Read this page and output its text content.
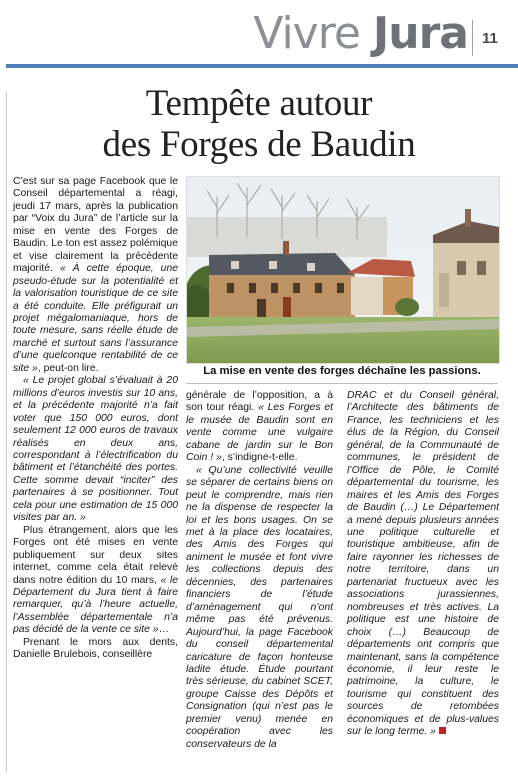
Vivre Jura 11
Tempête autour
des Forges de Baudin
La mise en vente des forges déchaîne les passions.

C’est sur sa page Facebook que le Conseil départemental a réagi, jeudi 17 mars, après la publication par “Voix du Jura” de l’article sur la mise en vente des Forges de Baudin. Le ton est assez polémique et vise clairement la précédente majorité. « À cette époque, une pseudo-étude sur la potentialité et la valorisation touristique de ce site a été conduite. Elle préfigurait un projet mégalomaniaque, hors de toute mesure, sans réelle étude de marché et surtout sans l’assurance d’une quelconque rentabilité de ce site », peut-on lire.

« Le projet global s’évaluait à 20 millions d’euros investis sur 10 ans, et la précédente majorité n’a fait voter que 150 000 euros, dont seulement 12 000 euros de travaux réalisés en deux ans, correspondant à l’électrification du bâtiment et l’étanchéité des portes. Cette somme devait “inciter” des partenaires à se positionner. Tout cela pour une estimation de 15 000 visites par an. »

Plus étrangement, alors que les Forges ont été mises en vente publiquement sur deux sites internet, comme cela était relevé dans notre édition du 10 mars, « le Département du Jura tient à faire remarquer, qu’à l’heure actuelle, l’Assemblée départementale n’a pas décidé de la vente ce site »…

Prenant le mors aux dents, Danielle Brulebois, conseillère

générale de l’opposition, a à son tour réagi. « Les Forges et le musée de Baudin sont en vente comme une vulgaire cabane de jardin sur le Bon Coin ! », s’indigne-t-elle.

« Qu’une collectivité veuille se séparer de certains biens on peut le comprendre, mais rien ne la dispense de respecter la loi et les bons usages. On se met à la place des locataires, des Amis des Forges qui animent le musée et font vivre les collections depuis des décennies, des partenaires financiers de l’étude d’aménagement qui n’ont même pas été prévenus. Aujourd’hui, la page Facebook du conseil départemental caricature de façon honteuse ladite étude. Étude pourtant très sérieuse, du cabinet SCET, groupe Caisse des Dépôts et Consignation (qui n’est pas le premier venu) menée en coopération avec les conservateurs de la

DRAC et du Conseil général, l’Architecte des bâtiments de France, les techniciens et les élus de la Région, du Conseil général, de la Communauté de communes, le président de l’Office de Pôle, le Comité départemental du tourisme, les maires et les Amis des Forges de Baudin (…) Le Département a mené depuis plusieurs années une politique culturelle et touristique ambitieuse, afin de faire rayonner les richesses de notre territoire, dans un partenariat fructueux avec les associations jurassiennes, nombreuses et très actives. La politique est une histoire de choix (…) Beaucoup de départements ont compris que maintenant, sans la compétence économie, il leur reste le patrimoine, la culture, le tourisme qui constituent des sources de retombées économiques et de plus-values sur le long terme. »
